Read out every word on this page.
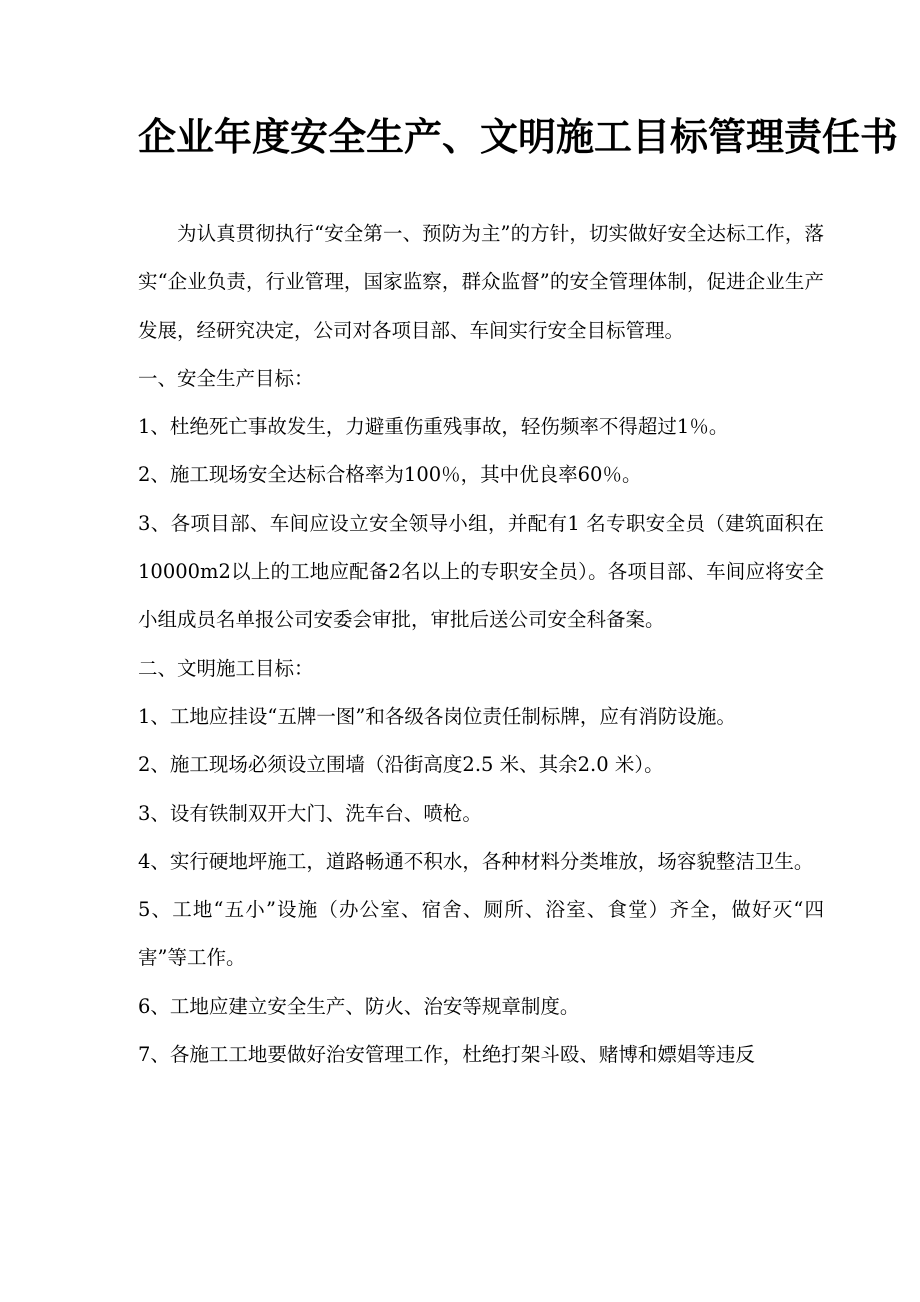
企业年度安全生产、文明施工目标管理责任书

为认真贯彻执行“安全第一、预防为主”的方针，切实做好安全达标工作，落实“企业负责，行业管理，国家监察，群众监督”的安全管理体制，促进企业生产发展，经研究决定，公司对各项目部、车间实行安全目标管理。

一、安全生产目标：

1、杜绝死亡事故发生，力避重伤重残事故，轻伤频率不得超过1％。

2、施工现场安全达标合格率为100％，其中优良率60％。

3、各项目部、车间应设立安全领导小组，并配有1 名专职安全员（建筑面积在10000m2以上的工地应配备2名以上的专职安全员）。各项目部、车间应将安全小组成员名单报公司安委会审批，审批后送公司安全科备案。

二、文明施工目标：

1、工地应挂设“五牌一图”和各级各岗位责任制标牌，应有消防设施。

2、施工现场必须设立围墙（沿街高度2.5 米、其余2.0 米）。

3、设有铁制双开大门、洗车台、喷枪。

4、实行硬地坪施工，道路畅通不积水，各种材料分类堆放，场容貌整洁卫生。

5、工地“五小”设施（办公室、宿舍、厕所、浴室、食堂）齐全，做好灭“四害”等工作。

6、工地应建立安全生产、防火、治安等规章制度。

7、各施工工地要做好治安管理工作，杜绝打架斗殴、赌博和嫖娼等违反
